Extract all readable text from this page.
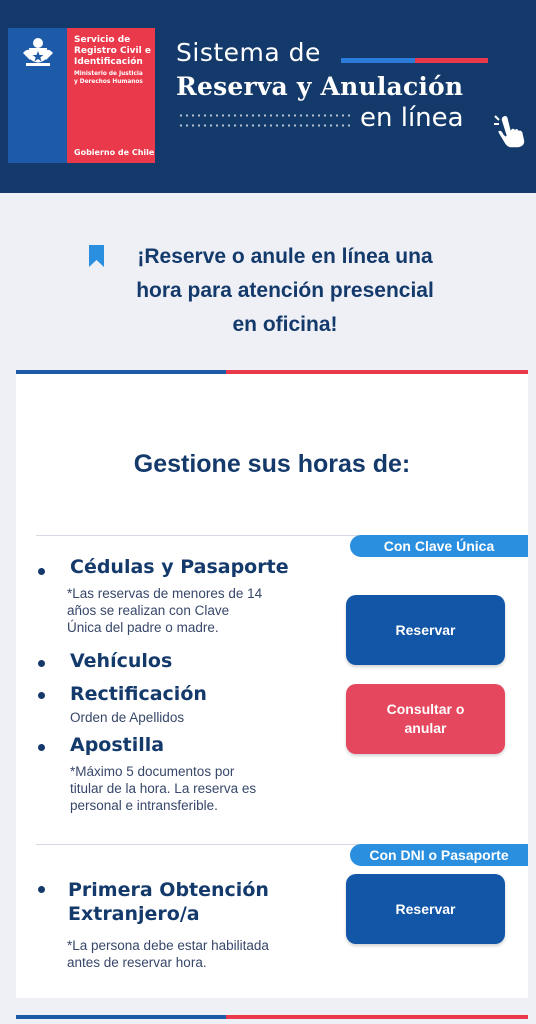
Servicio de
Registro Civil e
Identificación
Ministerio de Justicia
y Derechos Humanos
Gobierno de Chile
Sistema de
Reserva y Anulación
en línea
¡Reserve o anule en línea una
hora para atención presencial
en oficina!
Gestione sus horas de:
Con Clave Única
Cédulas y Pasaporte
*Las reservas de menores de 14
años se realizan con Clave
Única del padre o madre.
Vehículos
Rectificación
Orden de Apellidos
Apostilla
*Máximo 5 documentos por
titular de la hora. La reserva es
personal e intransferible.
Reservar
Consultar o
anular
Con DNI o Pasaporte
Primera Obtención
Extranjero/a
*La persona debe estar habilitada
antes de reservar hora.
Reservar
